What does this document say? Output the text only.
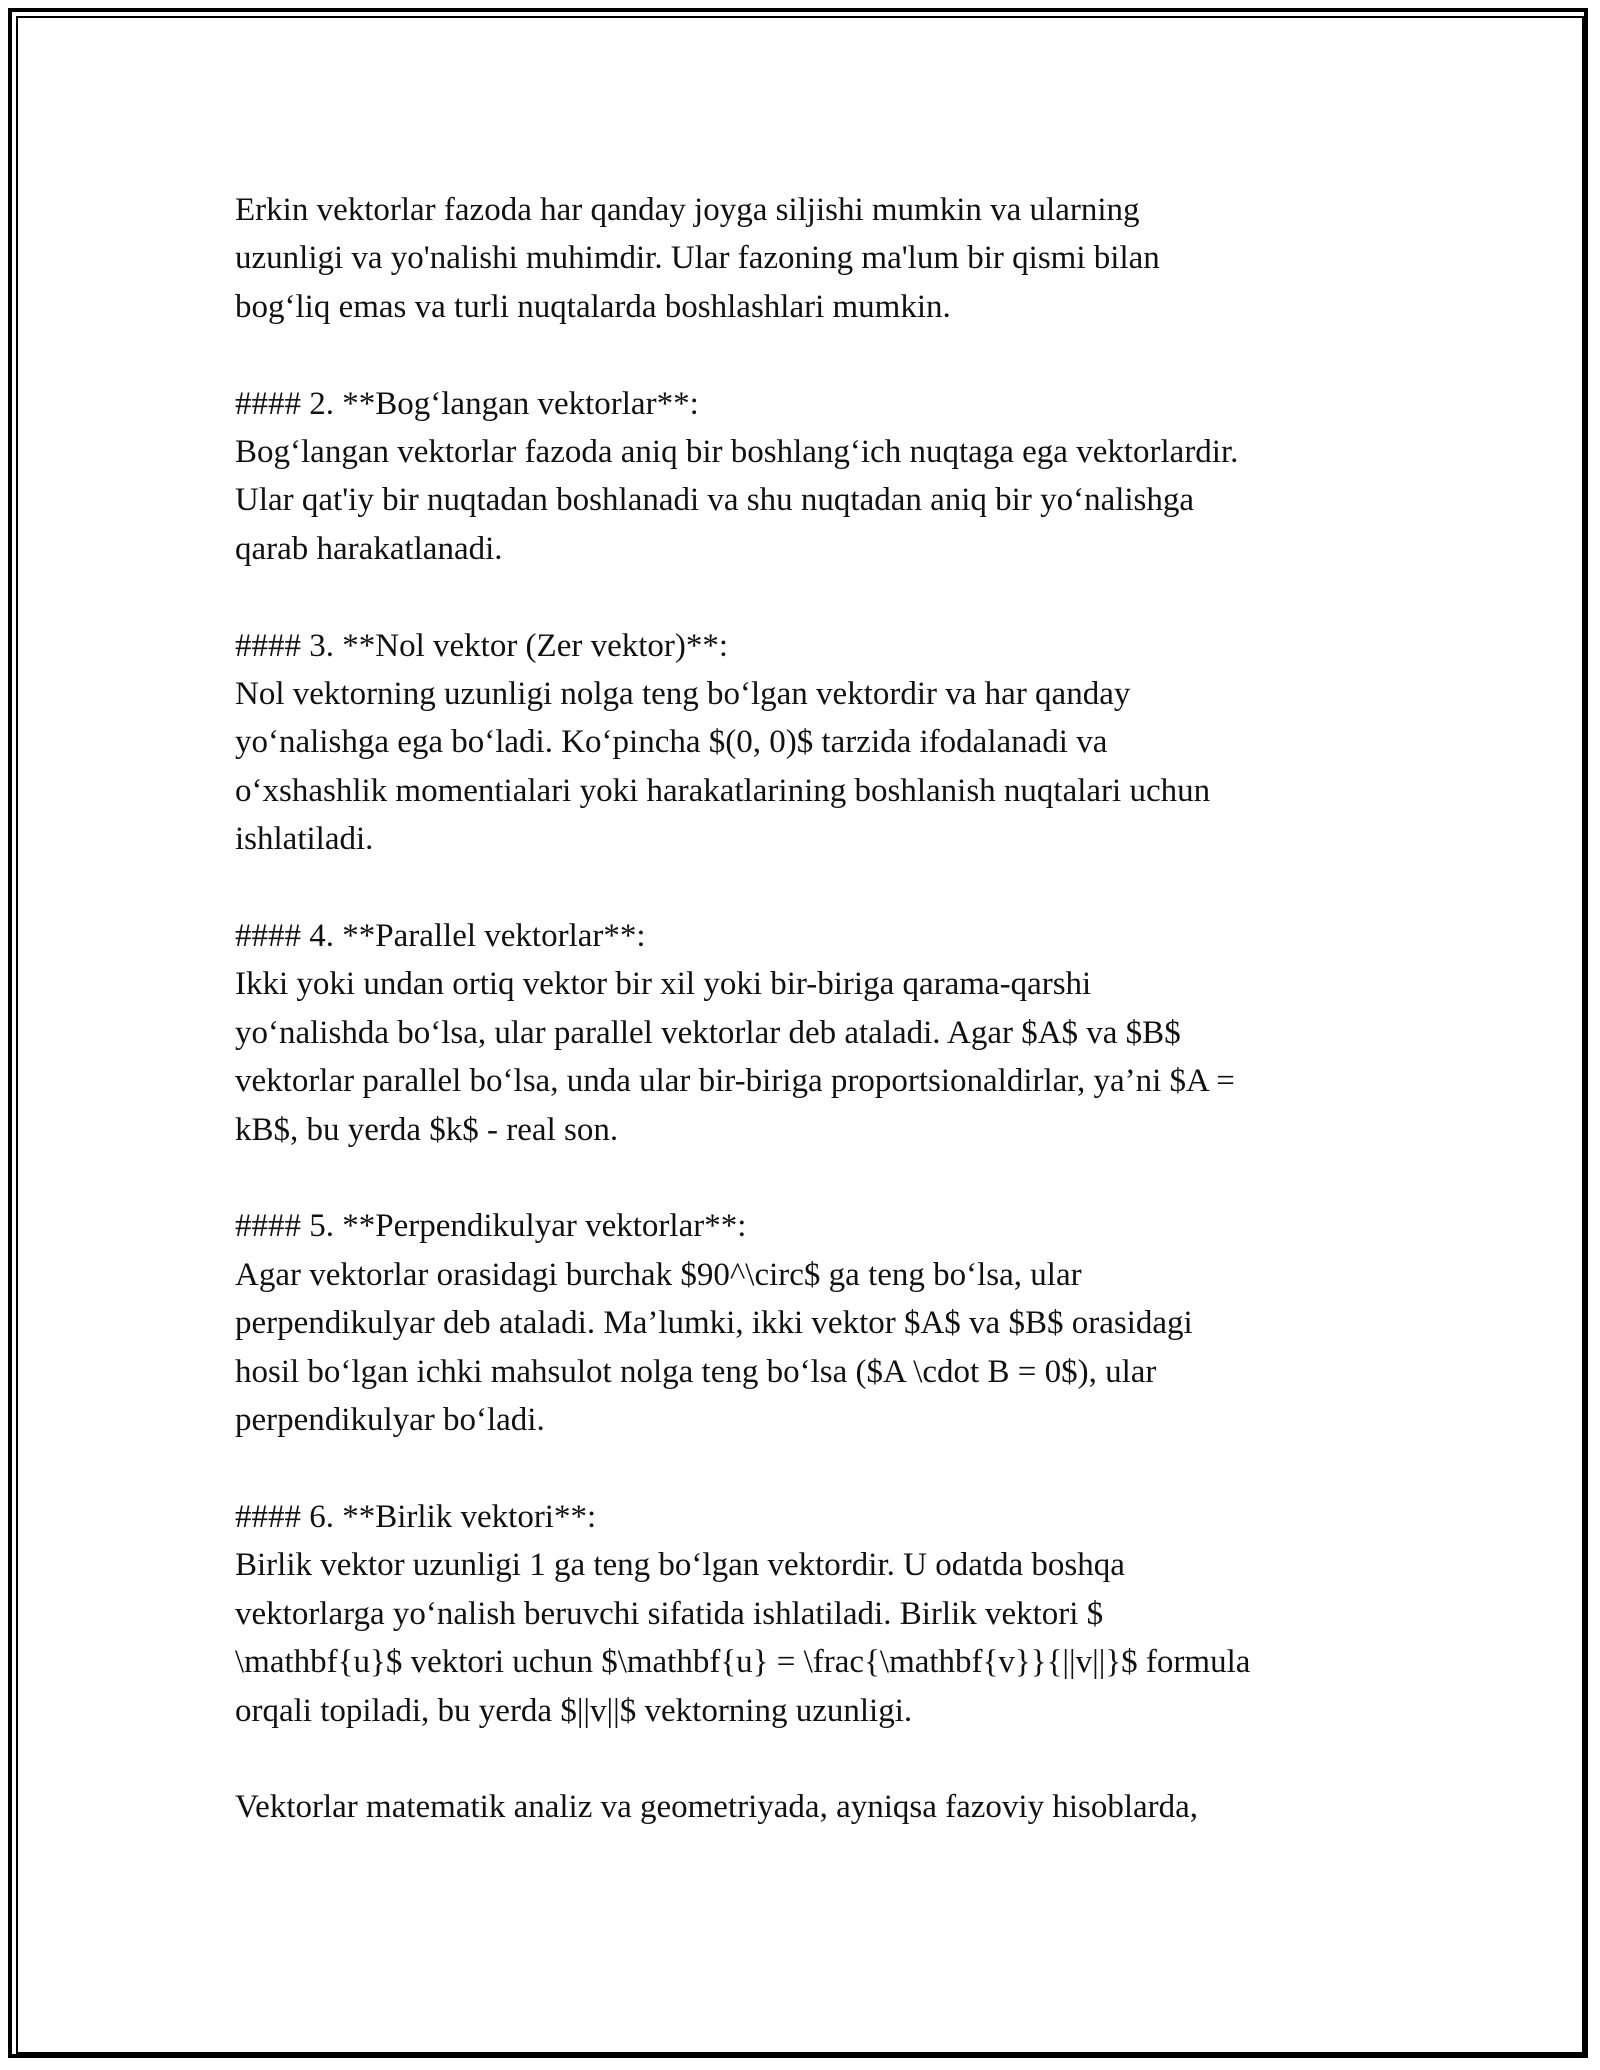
Erkin vektorlar fazoda har qanday joyga siljishi mumkin va ularning
uzunligi va yo'nalishi muhimdir. Ular fazoning ma'lum bir qismi bilan
bog‘liq emas va turli nuqtalarda boshlashlari mumkin.

#### 2. **Bog‘langan vektorlar**:
Bog‘langan vektorlar fazoda aniq bir boshlang‘ich nuqtaga ega vektorlardir.
Ular qat'iy bir nuqtadan boshlanadi va shu nuqtadan aniq bir yo‘nalishga
qarab harakatlanadi.

#### 3. **Nol vektor (Zer vektor)**:
Nol vektorning uzunligi nolga teng bo‘lgan vektordir va har qanday
yo‘nalishga ega bo‘ladi. Ko‘pincha $(0, 0)$ tarzida ifodalanadi va
o‘xshashlik momentialari yoki harakatlarining boshlanish nuqtalari uchun
ishlatiladi.

#### 4. **Parallel vektorlar**:
Ikki yoki undan ortiq vektor bir xil yoki bir-biriga qarama-qarshi
yo‘nalishda bo‘lsa, ular parallel vektorlar deb ataladi. Agar $A$ va $B$
vektorlar parallel bo‘lsa, unda ular bir-biriga proportsionaldirlar, ya’ni $A =
kB$, bu yerda $k$ - real son.

#### 5. **Perpendikulyar vektorlar**:
Agar vektorlar orasidagi burchak $90^\circ$ ga teng bo‘lsa, ular
perpendikulyar deb ataladi. Ma’lumki, ikki vektor $A$ va $B$ orasidagi
hosil bo‘lgan ichki mahsulot nolga teng bo‘lsa ($A \cdot B = 0$), ular
perpendikulyar bo‘ladi.

#### 6. **Birlik vektori**:
Birlik vektor uzunligi 1 ga teng bo‘lgan vektordir. U odatda boshqa
vektorlarga yo‘nalish beruvchi sifatida ishlatiladi. Birlik vektori $
\mathbf{u}$ vektori uchun $\mathbf{u} = \frac{\mathbf{v}}{||v||}$ formula
orqali topiladi, bu yerda $||v||$ vektorning uzunligi.

Vektorlar matematik analiz va geometriyada, ayniqsa fazoviy hisoblarda,
